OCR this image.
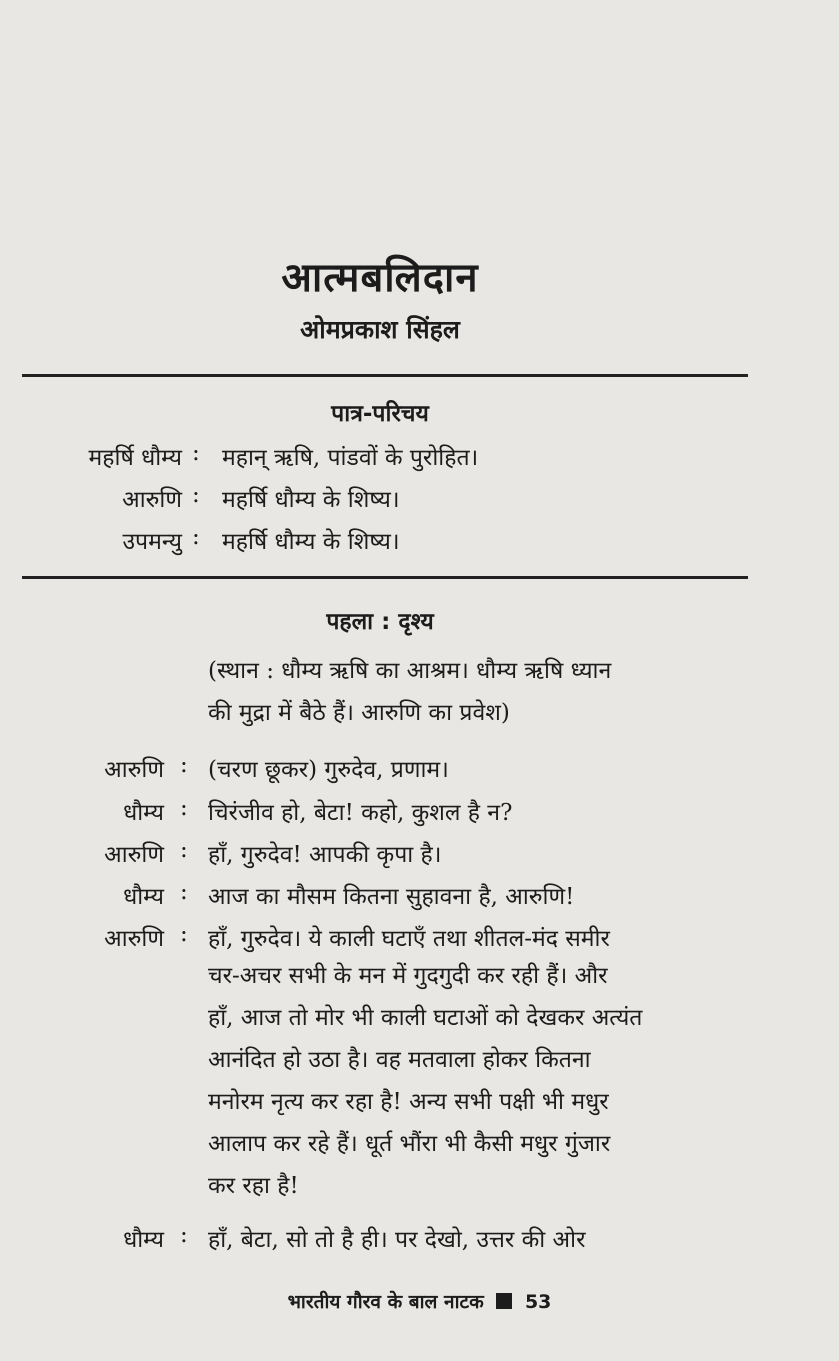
आत्मबलिदान
ओमप्रकाश सिंहल
पात्र-परिचय
महर्षि धौम्य : महान् ऋषि, पांडवों के पुरोहित।
आरुणि : महर्षि धौम्य के शिष्य।
उपमन्यु : महर्षि धौम्य के शिष्य।
पहला : दृश्य
(स्थान : धौम्य ऋषि का आश्रम। धौम्य ऋषि ध्यान
की मुद्रा में बैठे हैं। आरुणि का प्रवेश)
आरुणि : (चरण छूकर) गुरुदेव, प्रणाम।
धौम्य : चिरंजीव हो, बेटा! कहो, कुशल है न?
आरुणि : हाँ, गुरुदेव! आपकी कृपा है।
धौम्य : आज का मौसम कितना सुहावना है, आरुणि!
आरुणि : हाँ, गुरुदेव। ये काली घटाएँ तथा शीतल-मंद समीर
चर-अचर सभी के मन में गुदगुदी कर रही हैं। और
हाँ, आज तो मोर भी काली घटाओं को देखकर अत्यंत
आनंदित हो उठा है। वह मतवाला होकर कितना
मनोरम नृत्य कर रहा है! अन्य सभी पक्षी भी मधुर
आलाप कर रहे हैं। धूर्त भौंरा भी कैसी मधुर गुंजार
कर रहा है!
धौम्य : हाँ, बेटा, सो तो है ही। पर देखो, उत्तर की ओर
भारतीय गौरव के बाल नाटक 53
